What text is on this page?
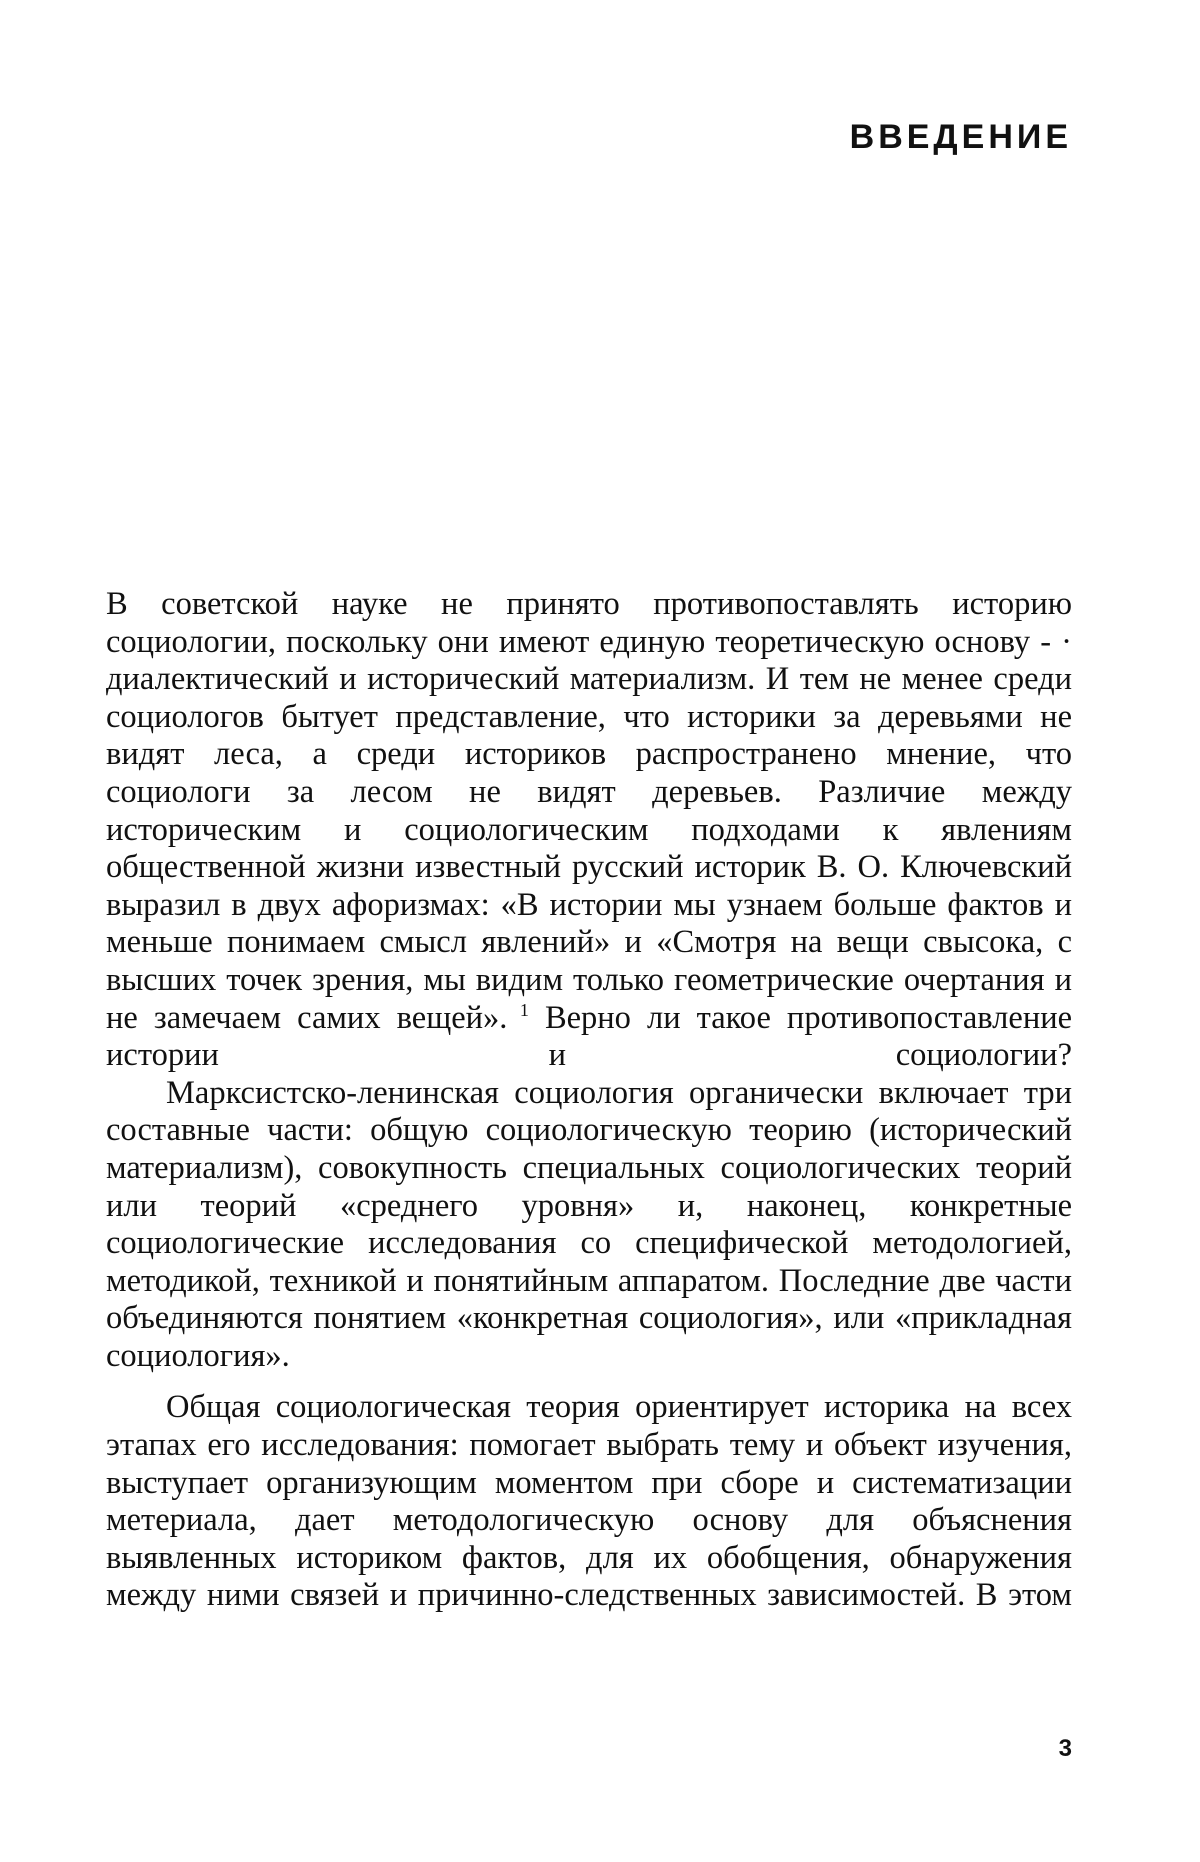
ВВЕДЕНИЕ

В советской науке не принято противопоставлять историю социологии, поскольку они имеют единую теоретическую основу - · диалектический и исторический материализм. И тем не менее среди социологов бытует представление, что историки за деревьями не видят леса, а среди историков распространено мнение, что социологи за лесом не видят деревьев. Различие между историческим и социологическим подходами к явлениям общественной жизни известный русский историк В. О. Ключевский выразил в двух афоризмах: «В истории мы узнаем больше фактов и меньше понимаем смысл явлений» и «Смотря на вещи свысока, с высших точек зрения, мы видим только геометрические очертания и не замечаем самих вещей». $^1$ Верно ли такое противопоставление истории и социологии?

Марксистско-ленинская социология органически включает три составные части: общую социологическую теорию (исторический материализм), совокупность специальных социологических теорий или теорий «среднего уровня» и, наконец, конкретные социологические исследования со специфической методологией, методикой, техникой и понятийным аппаратом. Последние две части объединяются понятием «конкретная социология», или «прикладная социология».

Общая социологическая теория ориентирует историка на всех этапах его исследования: помогает выбрать тему и объект изучения, выступает организующим моментом при сборе и систематизации метериала, дает методологическую основу для объяснения выявленных историком фактов, для их обобщения, обнаружения между ними связей и причинно-следственных зависимостей. В этом

3
